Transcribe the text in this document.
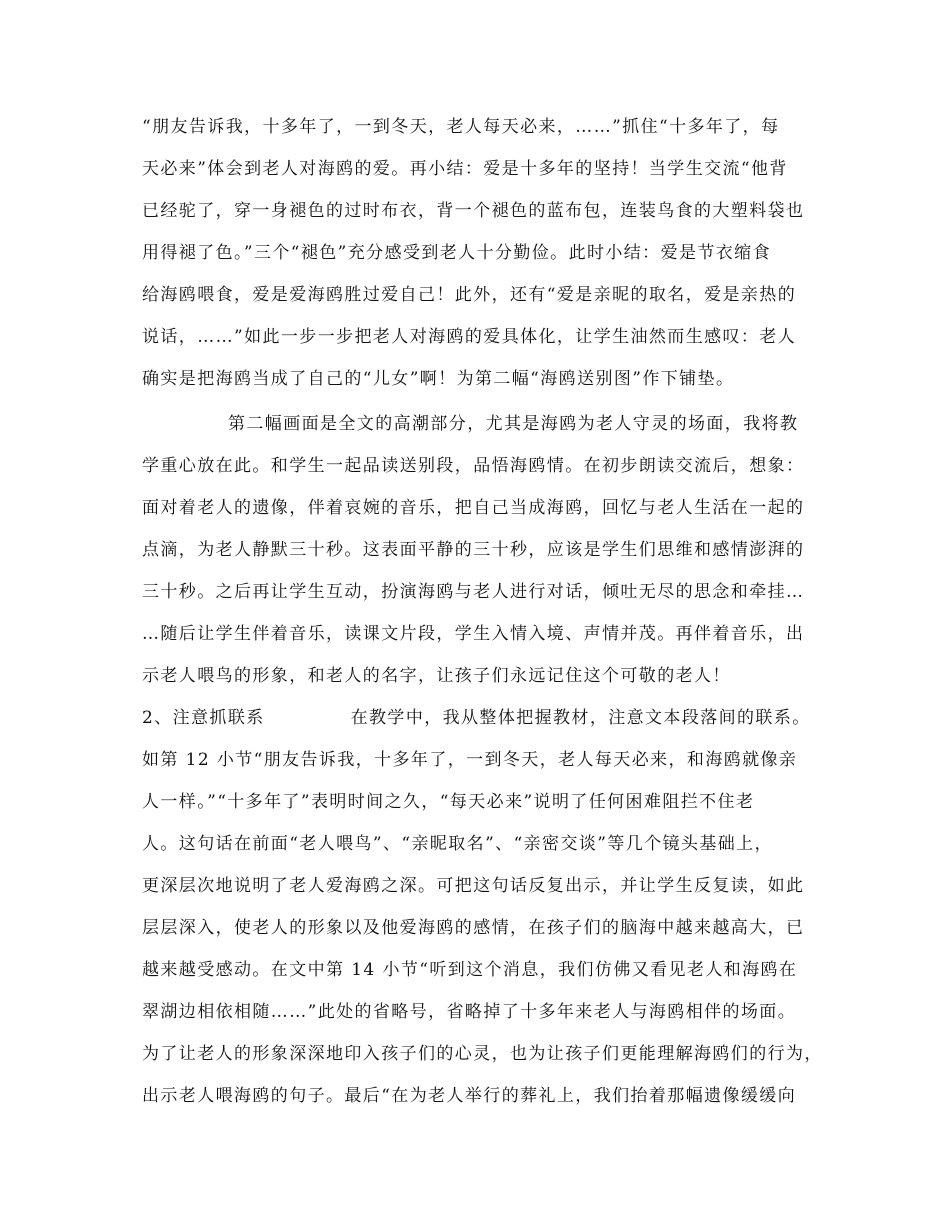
“朋友告诉我，十多年了，一到冬天，老人每天必来，……”抓住“十多年了，每
天必来”体会到老人对海鸥的爱。再小结：爱是十多年的坚持！当学生交流“他背
已经驼了，穿一身褪色的过时布衣，背一个褪色的蓝布包，连装鸟食的大塑料袋也
用得褪了色。”三个“褪色”充分感受到老人十分勤俭。此时小结：爱是节衣缩食
给海鸥喂食，爱是爱海鸥胜过爱自己！此外，还有“爱是亲昵的取名，爱是亲热的
说话，……”如此一步一步把老人对海鸥的爱具体化，让学生油然而生感叹：老人
确实是把海鸥当成了自己的“儿女”啊！为第二幅“海鸥送别图”作下铺垫。
第二幅画面是全文的高潮部分，尤其是海鸥为老人守灵的场面，我将教
学重心放在此。和学生一起品读送别段，品悟海鸥情。在初步朗读交流后，想象：
面对着老人的遗像，伴着哀婉的音乐，把自己当成海鸥，回忆与老人生活在一起的
点滴，为老人静默三十秒。这表面平静的三十秒，应该是学生们思维和感情澎湃的
三十秒。之后再让学生互动，扮演海鸥与老人进行对话，倾吐无尽的思念和牵挂…
…随后让学生伴着音乐，读课文片段，学生入情入境、声情并茂。再伴着音乐，出
示老人喂鸟的形象，和老人的名字，让孩子们永远记住这个可敬的老人！
2、注意抓联系	在教学中，我从整体把握教材，注意文本段落间的联系。
如第 12 小节“朋友告诉我，十多年了，一到冬天，老人每天必来，和海鸥就像亲
人一样。”“十多年了”表明时间之久，“每天必来”说明了任何困难阻拦不住老
人。这句话在前面“老人喂鸟”、“亲昵取名”、“亲密交谈”等几个镜头基础上，
更深层次地说明了老人爱海鸥之深。可把这句话反复出示，并让学生反复读，如此
层层深入，使老人的形象以及他爱海鸥的感情，在孩子们的脑海中越来越高大，已
越来越受感动。在文中第 14 小节“听到这个消息，我们仿佛又看见老人和海鸥在
翠湖边相依相随……”此处的省略号，省略掉了十多年来老人与海鸥相伴的场面。
为了让老人的形象深深地印入孩子们的心灵，也为让孩子们更能理解海鸥们的行为，
出示老人喂海鸥的句子。最后“在为老人举行的葬礼上，我们抬着那幅遗像缓缓向
